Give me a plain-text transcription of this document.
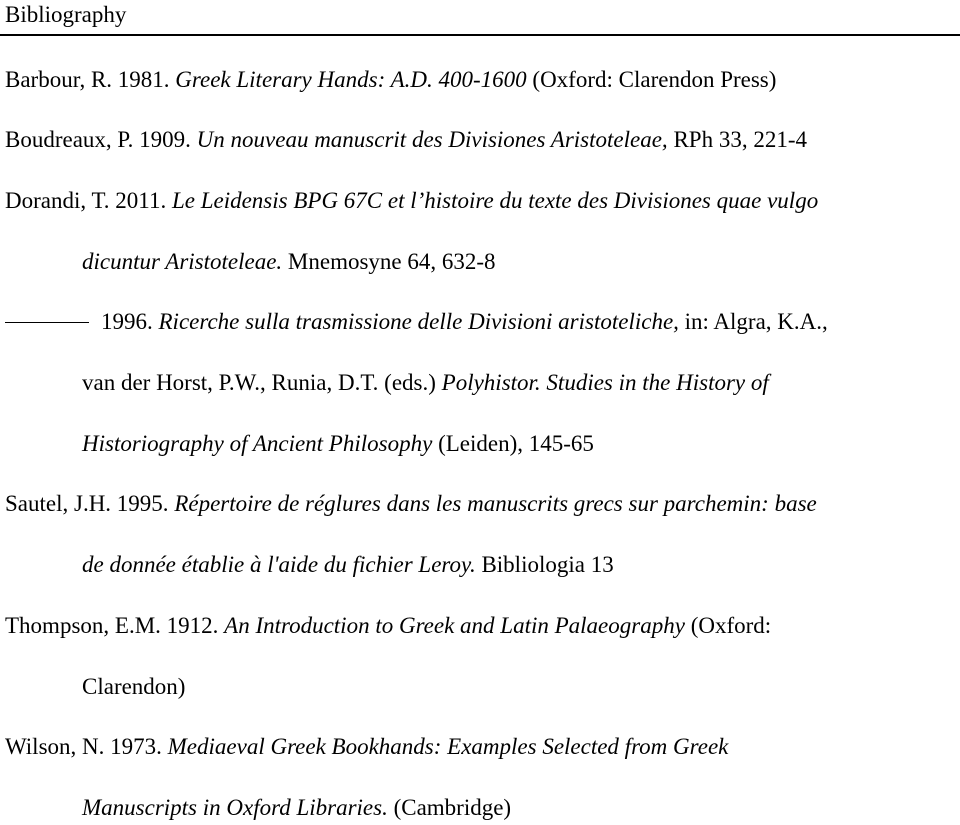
Bibliography
Barbour, R. 1981. Greek Literary Hands: A.D. 400-1600 (Oxford: Clarendon Press)
Boudreaux, P. 1909. Un nouveau manuscrit des Divisiones Aristoteleae, RPh 33, 221-4
Dorandi, T. 2011. Le Leidensis BPG 67C et l’histoire du texte des Divisiones quae vulgo
dicuntur Aristoteleae. Mnemosyne 64, 632-8
1996. Ricerche sulla trasmissione delle Divisioni aristoteliche, in: Algra, K.A.,
van der Horst, P.W., Runia, D.T. (eds.) Polyhistor. Studies in the History of
Historiography of Ancient Philosophy (Leiden), 145-65
Sautel, J.H. 1995. Répertoire de réglures dans les manuscrits grecs sur parchemin: base
de donnée établie à l'aide du fichier Leroy. Bibliologia 13
Thompson, E.M. 1912. An Introduction to Greek and Latin Palaeography (Oxford:
Clarendon)
Wilson, N. 1973. Mediaeval Greek Bookhands: Examples Selected from Greek
Manuscripts in Oxford Libraries. (Cambridge)
